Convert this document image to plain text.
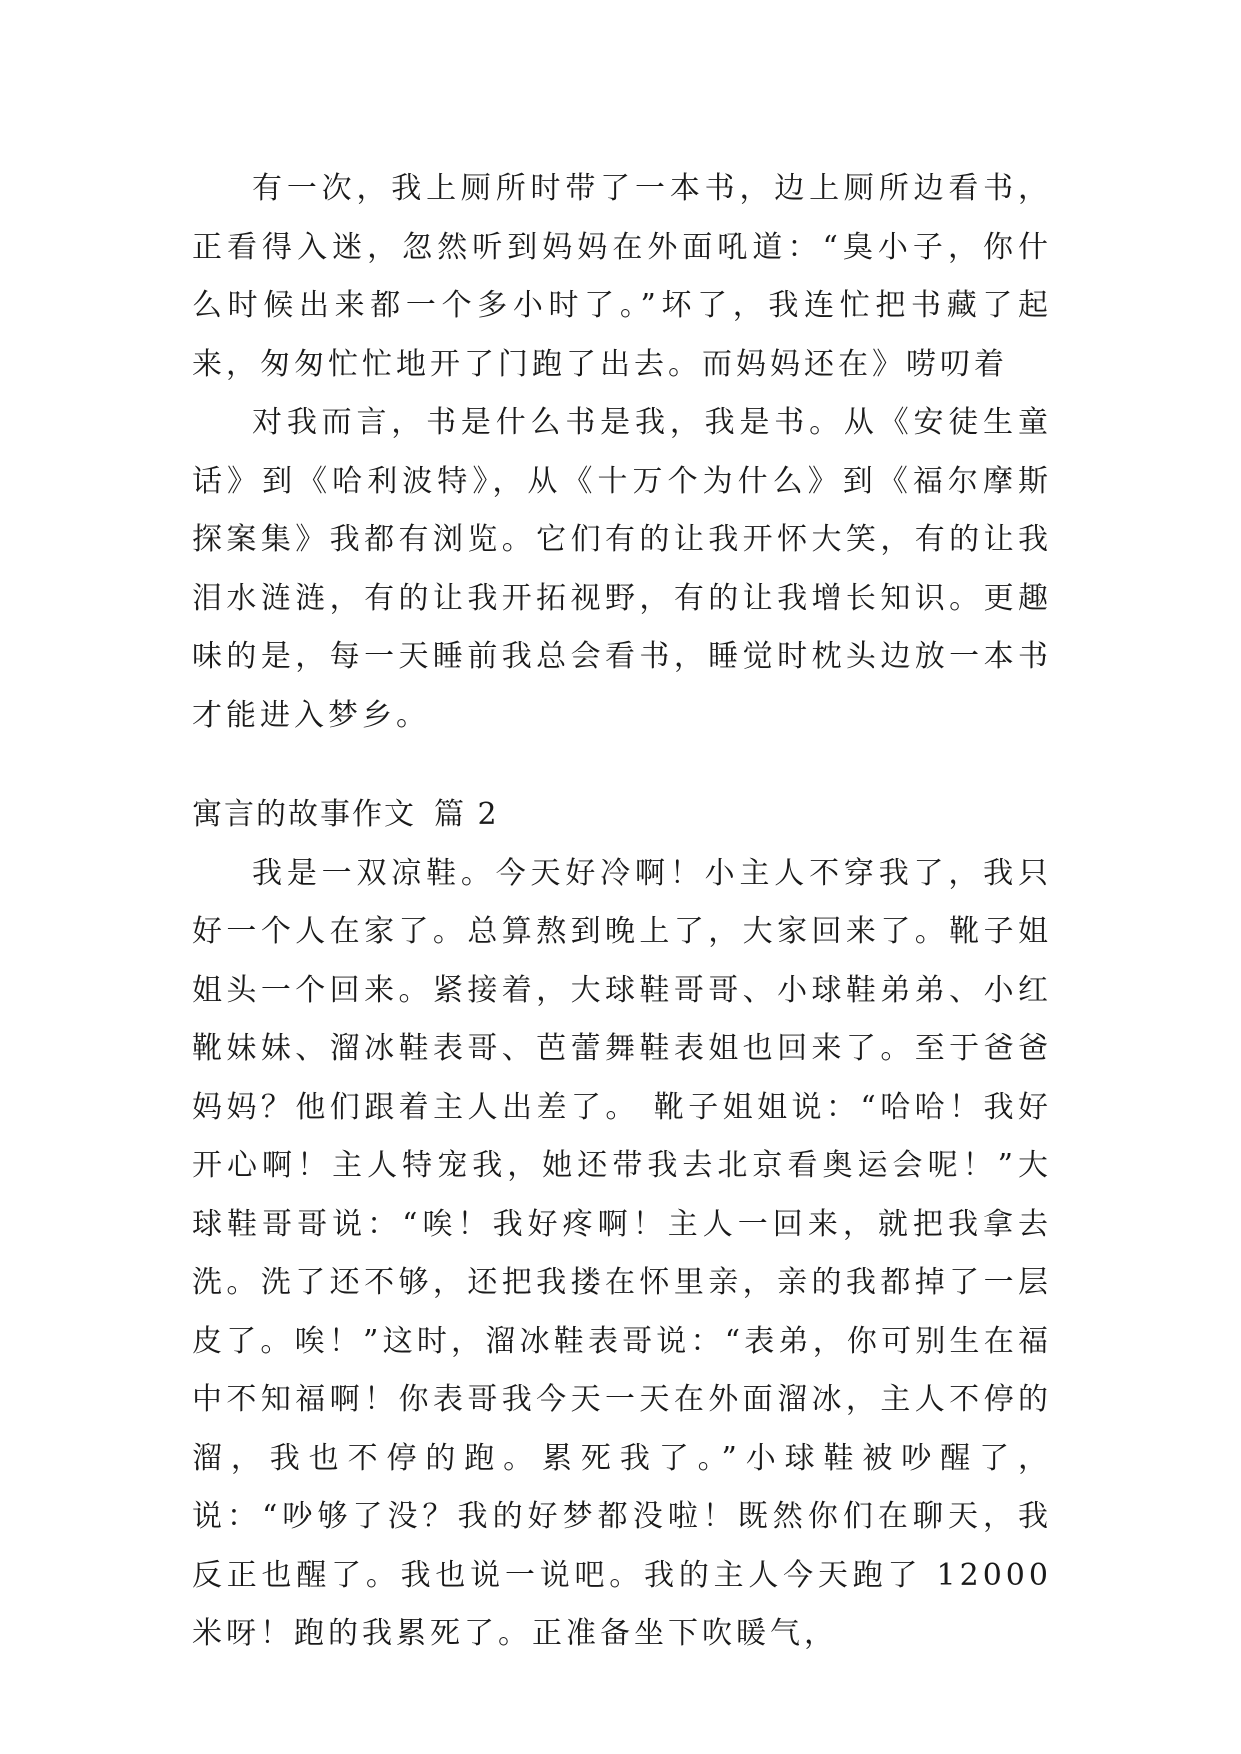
有一次，我上厕所时带了一本书，边上厕所边看书，正看得入迷，忽然听到妈妈在外面吼道：“臭小子，你什么时候出来都一个多小时了。”坏了，我连忙把书藏了起来，匆匆忙忙地开了门跑了出去。而妈妈还在》唠叨着

对我而言，书是什么书是我，我是书。从《安徒生童话》到《哈利波特》，从《十万个为什么》到《福尔摩斯探案集》我都有浏览。它们有的让我开怀大笑，有的让我泪水涟涟，有的让我开拓视野，有的让我增长知识。更趣味的是，每一天睡前我总会看书，睡觉时枕头边放一本书才能进入梦乡。

寓言的故事作文 篇 2

我是一双凉鞋。今天好冷啊！小主人不穿我了，我只好一个人在家了。总算熬到晚上了，大家回来了。靴子姐姐头一个回来。紧接着，大球鞋哥哥、小球鞋弟弟、小红靴妹妹、溜冰鞋表哥、芭蕾舞鞋表姐也回来了。至于爸爸妈妈？他们跟着主人出差了。 靴子姐姐说：“哈哈！我好开心啊！主人特宠我，她还带我去北京看奥运会呢！”大球鞋哥哥说：“唉！我好疼啊！主人一回来，就把我拿去洗。洗了还不够，还把我搂在怀里亲，亲的我都掉了一层皮了。唉！”这时，溜冰鞋表哥说：“表弟，你可别生在福中不知福啊！你表哥我今天一天在外面溜冰，主人不停的溜，我也不停的跑。累死我了。”小球鞋被吵醒了，说：“吵够了没？我的好梦都没啦！既然你们在聊天，我反正也醒了。我也说一说吧。我的主人今天跑了 12000 米呀！跑的我累死了。正准备坐下吹暖气，
